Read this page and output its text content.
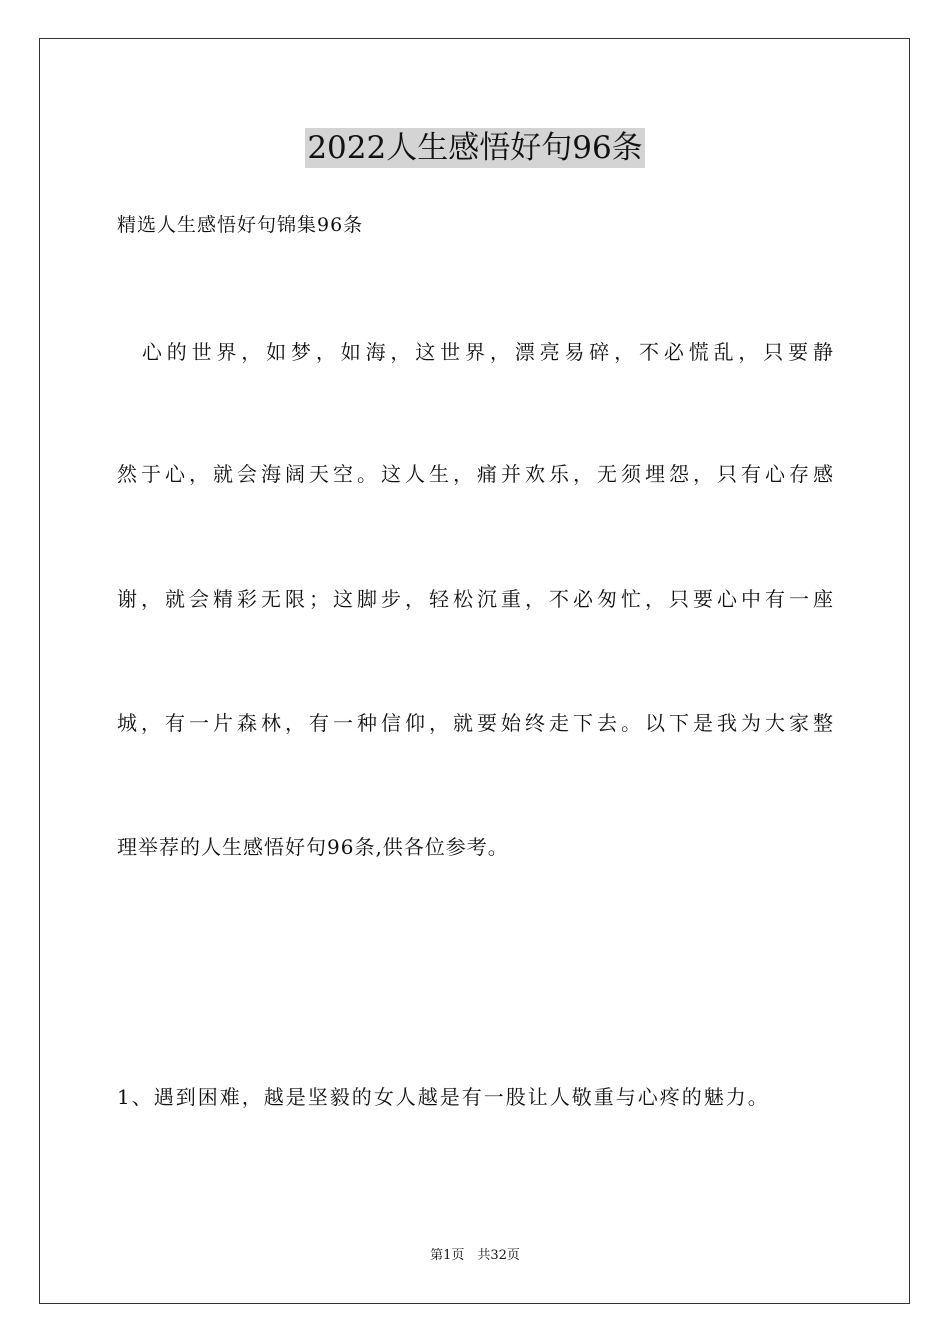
2022人生感悟好句96条
精选人生感悟好句锦集96条
　心的世界，如梦，如海，这世界，漂亮易碎，不必慌乱，只要静
然于心，就会海阔天空。这人生，痛并欢乐，无须埋怨，只有心存感
谢，就会精彩无限；这脚步，轻松沉重，不必匆忙，只要心中有一座
城，有一片森林，有一种信仰，就要始终走下去。以下是我为大家整
理举荐的人生感悟好句96条,供各位参考。
1、遇到困难，越是坚毅的女人越是有一股让人敬重与心疼的魅力。
第1页　共32页
